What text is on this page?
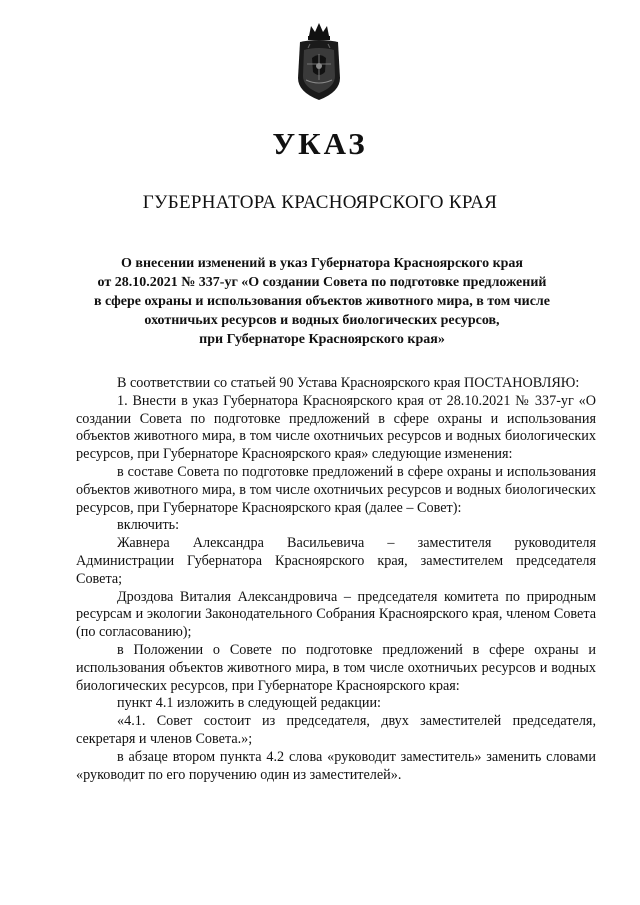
УКАЗ
ГУБЕРНАТОРА КРАСНОЯРСКОГО КРАЯ
О внесении изменений в указ Губернатора Красноярского края
от 28.10.2021 № 337-уг «О создании Совета по подготовке предложений
в сфере охраны и использования объектов животного мира, в том числе
охотничьих ресурсов и водных биологических ресурсов,
при Губернаторе Красноярского края»

В соответствии со статьей 90 Устава Красноярского края ПОСТАНОВЛЯЮ:

1. Внести в указ Губернатора Красноярского края от 28.10.2021 № 337-уг «О создании Совета по подготовке предложений в сфере охраны и использования объектов животного мира, в том числе охотничьих ресурсов и водных биологических ресурсов, при Губернаторе Красноярского края» следующие изменения:

в составе Совета по подготовке предложений в сфере охраны и использования объектов животного мира, в том числе охотничьих ресурсов и водных биологических ресурсов, при Губернаторе Красноярского края (далее – Совет):

включить:

Жавнера Александра Васильевича – заместителя руководителя Администрации Губернатора Красноярского края, заместителем председателя Совета;

Дроздова Виталия Александровича – председателя комитета по природным ресурсам и экологии Законодательного Собрания Красноярского края, членом Совета (по согласованию);

в Положении о Совете по подготовке предложений в сфере охраны и использования объектов животного мира, в том числе охотничьих ресурсов и водных биологических ресурсов, при Губернаторе Красноярского края:

пункт 4.1 изложить в следующей редакции:

«4.1. Совет состоит из председателя, двух заместителей председателя, секретаря и членов Совета.»;

в абзаце втором пункта 4.2 слова «руководит заместитель» заменить словами «руководит по его поручению один из заместителей».
